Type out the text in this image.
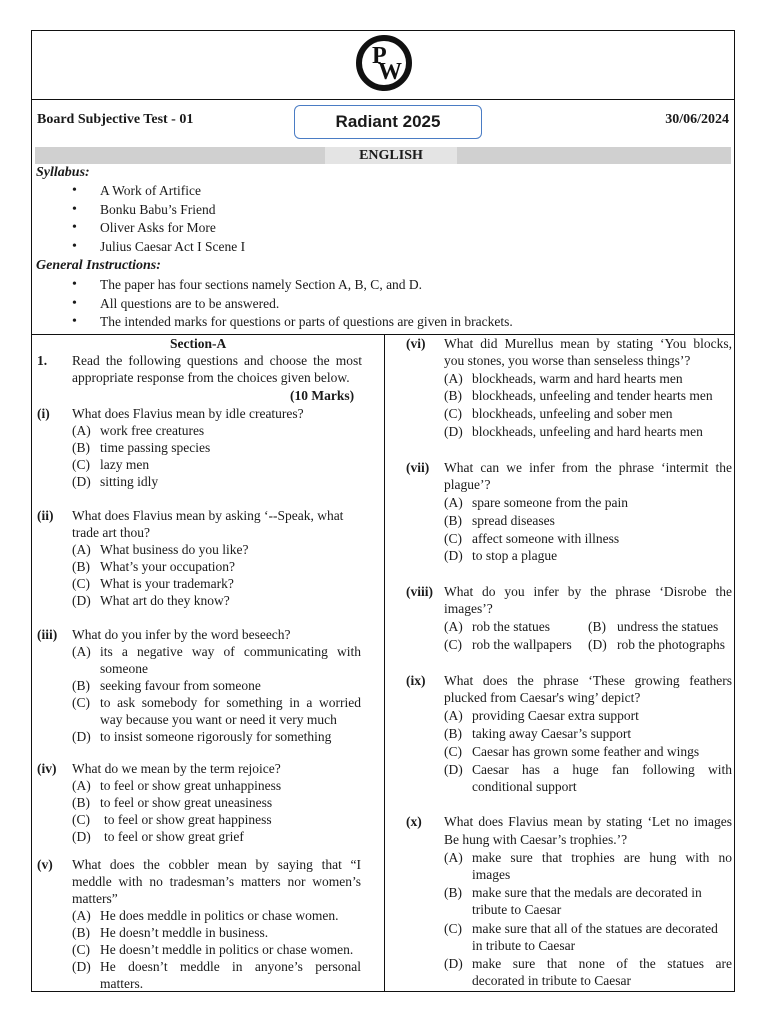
P
W
Board Subjective Test - 01	Radiant 2025	30/06/2024
ENGLISH
Syllabus:
• A Work of Artifice
• Bonku Babu’s Friend
• Oliver Asks for More
• Julius Caesar Act I Scene I
General Instructions:
• The paper has four sections namely Section A, B, C, and D.
• All questions are to be answered.
• The intended marks for questions or parts of questions are given in brackets.
Section-A
1. Read the following questions and choose the most
appropriate response from the choices given below.
(10 Marks)
(i) What does Flavius mean by idle creatures?
(A) work free creatures
(B) time passing species
(C) lazy men
(D) sitting idly
(ii) What does Flavius mean by asking ‘--Speak, what
trade art thou?
(A) What business do you like?
(B) What’s your occupation?
(C) What is your trademark?
(D) What art do they know?
(iii) What do you infer by the word beseech?
(A) its a negative way of communicating with
someone
(B) seeking favour from someone
(C) to ask somebody for something in a worried
way because you want or need it very much
(D) to insist someone rigorously for something
(iv) What do we mean by the term rejoice?
(A) to feel or show great unhappiness
(B) to feel or show great uneasiness
(C) to feel or show great happiness
(D) to feel or show great grief
(v) What does the cobbler mean by saying that “I
meddle with no tradesman’s matters nor women’s
matters”
(A) He does meddle in politics or chase women.
(B) He doesn’t meddle in business.
(C) He doesn’t meddle in politics or chase women.
(D) He doesn’t meddle in anyone’s personal
matters.
(vi) What did Murellus mean by stating ‘You blocks,
you stones, you worse than senseless things’?
(A) blockheads, warm and hard hearts men
(B) blockheads, unfeeling and tender hearts men
(C) blockheads, unfeeling and sober men
(D) blockheads, unfeeling and hard hearts men
(vii) What can we infer from the phrase ‘intermit the
plague’?
(A) spare someone from the pain
(B) spread diseases
(C) affect someone with illness
(D) to stop a plague
(viii) What do you infer by the phrase ‘Disrobe the
images’?
(A) rob the statues	(B) undress the statues
(C) rob the wallpapers (D) rob the photographs
(ix) What does the phrase ‘These growing feathers
plucked from Caesar's wing’ depict?
(A) providing Caesar extra support
(B) taking away Caesar’s support
(C) Caesar has grown some feather and wings
(D) Caesar has a huge fan following with
conditional support
(x) What does Flavius mean by stating ‘Let no images
Be hung with Caesar’s trophies.’?
(A) make sure that trophies are hung with no
images
(B) make sure that the medals are decorated in
tribute to Caesar
(C) make sure that all of the statues are decorated
in tribute to Caesar
(D) make sure that none of the statues are
decorated in tribute to Caesar
